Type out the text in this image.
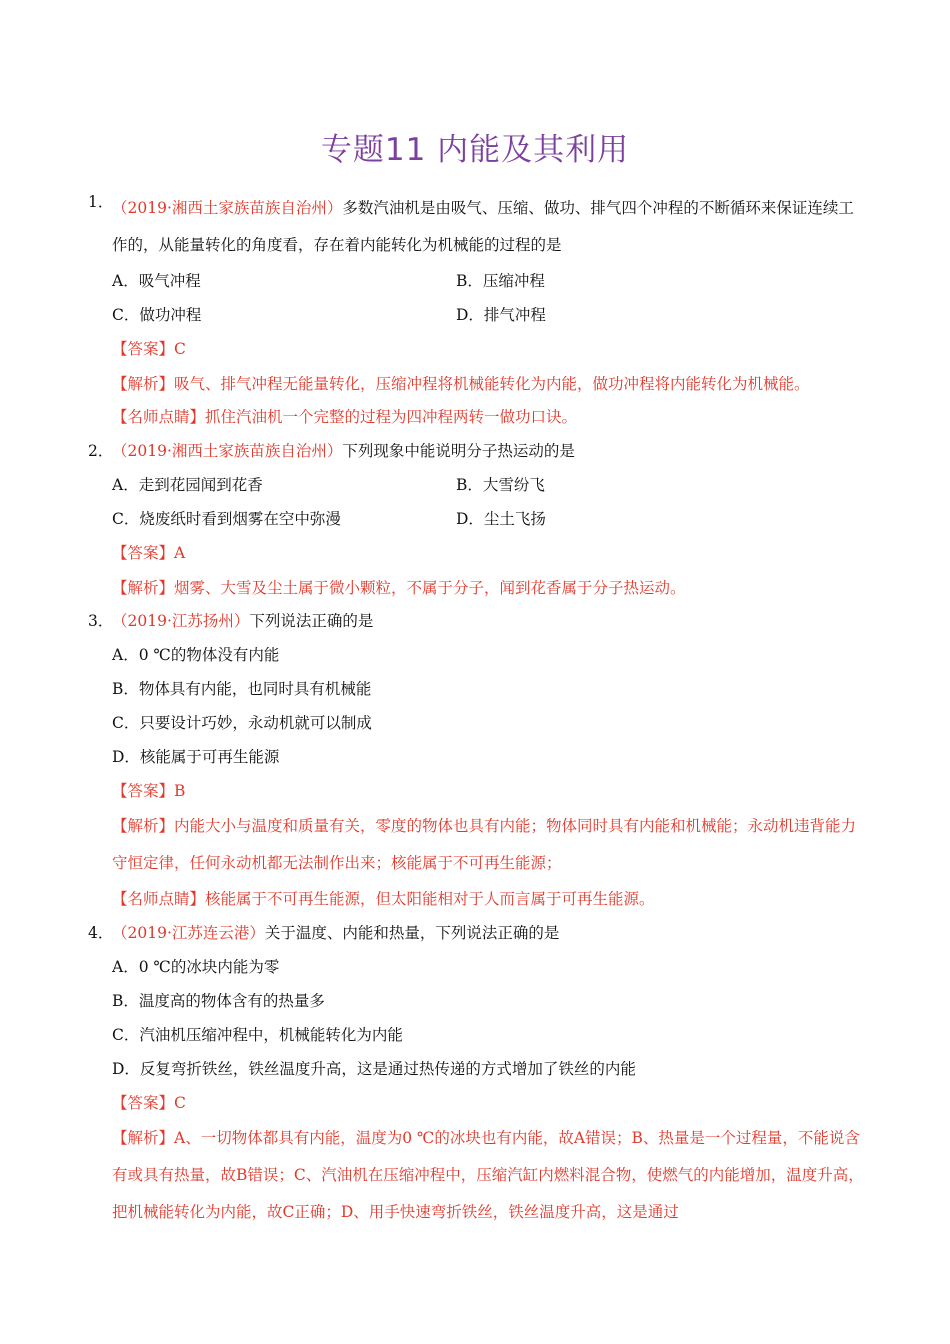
专题11 内能及其利用
1．
（2019·湘西土家族苗族自治州）多数汽油机是由吸气、压缩、做功、排气四个冲程的不断循环来保证连续工作的，从能量转化的角度看，存在着内能转化为机械能的过程的是
A．吸气冲程	B．压缩冲程
C．做功冲程	D．排气冲程
【答案】C
【解析】吸气、排气冲程无能量转化，压缩冲程将机械能转化为内能，做功冲程将内能转化为机械能。
【名师点睛】抓住汽油机一个完整的过程为四冲程两转一做功口诀。
2．
（2019·湘西土家族苗族自治州）下列现象中能说明分子热运动的是
A．走到花园闻到花香	B．大雪纷飞
C．烧废纸时看到烟雾在空中弥漫	D．尘土飞扬
【答案】A
【解析】烟雾、大雪及尘土属于微小颗粒，不属于分子，闻到花香属于分子热运动。
3．
（2019·江苏扬州）下列说法正确的是
A．0 ℃的物体没有内能
B．物体具有内能，也同时具有机械能
C．只要设计巧妙，永动机就可以制成
D．核能属于可再生能源
【答案】B
【解析】内能大小与温度和质量有关，零度的物体也具有内能；物体同时具有内能和机械能；永动机违背能力守恒定律，任何永动机都无法制作出来；核能属于不可再生能源；
【名师点睛】核能属于不可再生能源，但太阳能相对于人而言属于可再生能源。
4．
（2019·江苏连云港）关于温度、内能和热量，下列说法正确的是
A．0 ℃的冰块内能为零
B．温度高的物体含有的热量多
C．汽油机压缩冲程中，机械能转化为内能
D．反复弯折铁丝，铁丝温度升高，这是通过热传递的方式增加了铁丝的内能
【答案】C
【解析】A、一切物体都具有内能，温度为0 ℃的冰块也有内能，故A错误；B、热量是一个过程量，不能说含有或具有热量，故B错误；C、汽油机在压缩冲程中，压缩汽缸内燃料混合物，使燃气的内能增加，温度升高，把机械能转化为内能，故C正确；D、用手快速弯折铁丝，铁丝温度升高，这是通过
